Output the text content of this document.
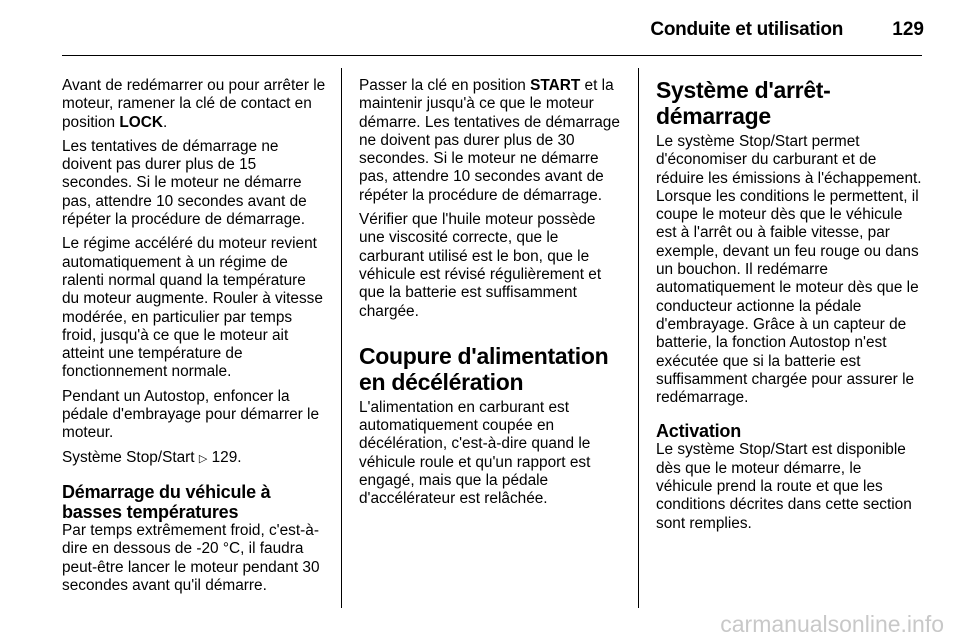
Conduite et utilisation	129

Avant de redémarrer ou pour arrêter le moteur, ramener la clé de contact en position LOCK.

Les tentatives de démarrage ne doivent pas durer plus de 15 secondes. Si le moteur ne démarre pas, attendre 10 secondes avant de répéter la procédure de démarrage.

Le régime accéléré du moteur revient automatiquement à un régime de ralenti normal quand la température du moteur augmente. Rouler à vitesse modérée, en particulier par temps froid, jusqu'à ce que le moteur ait atteint une température de fonctionnement normale.

Pendant un Autostop, enfoncer la pédale d'embrayage pour démarrer le moteur.

Système Stop/Start ▷ 129.

Démarrage du véhicule à basses températures

Par temps extrêmement froid, c'est-à-dire en dessous de -20 °C, il faudra peut-être lancer le moteur pendant 30 secondes avant qu'il démarre.

Passer la clé en position START et la maintenir jusqu'à ce que le moteur démarre. Les tentatives de démarrage ne doivent pas durer plus de 30 secondes. Si le moteur ne démarre pas, attendre 10 secondes avant de répéter la procédure de démarrage.

Vérifier que l'huile moteur possède une viscosité correcte, que le carburant utilisé est le bon, que le véhicule est révisé régulièrement et que la batterie est suffisamment chargée.

Coupure d'alimentation en décélération

L'alimentation en carburant est automatiquement coupée en décélération, c'est-à-dire quand le véhicule roule et qu'un rapport est engagé, mais que la pédale d'accélérateur est relâchée.

Système d'arrêt-démarrage

Le système Stop/Start permet d'économiser du carburant et de réduire les émissions à l'échappement. Lorsque les conditions le permettent, il coupe le moteur dès que le véhicule est à l'arrêt ou à faible vitesse, par exemple, devant un feu rouge ou dans un bouchon. Il redémarre automatiquement le moteur dès que le conducteur actionne la pédale d'embrayage. Grâce à un capteur de batterie, la fonction Autostop n'est exécutée que si la batterie est suffisamment chargée pour assurer le redémarrage.

Activation

Le système Stop/Start est disponible dès que le moteur démarre, le véhicule prend la route et que les conditions décrites dans cette section sont remplies.

carmanualsonline.info
